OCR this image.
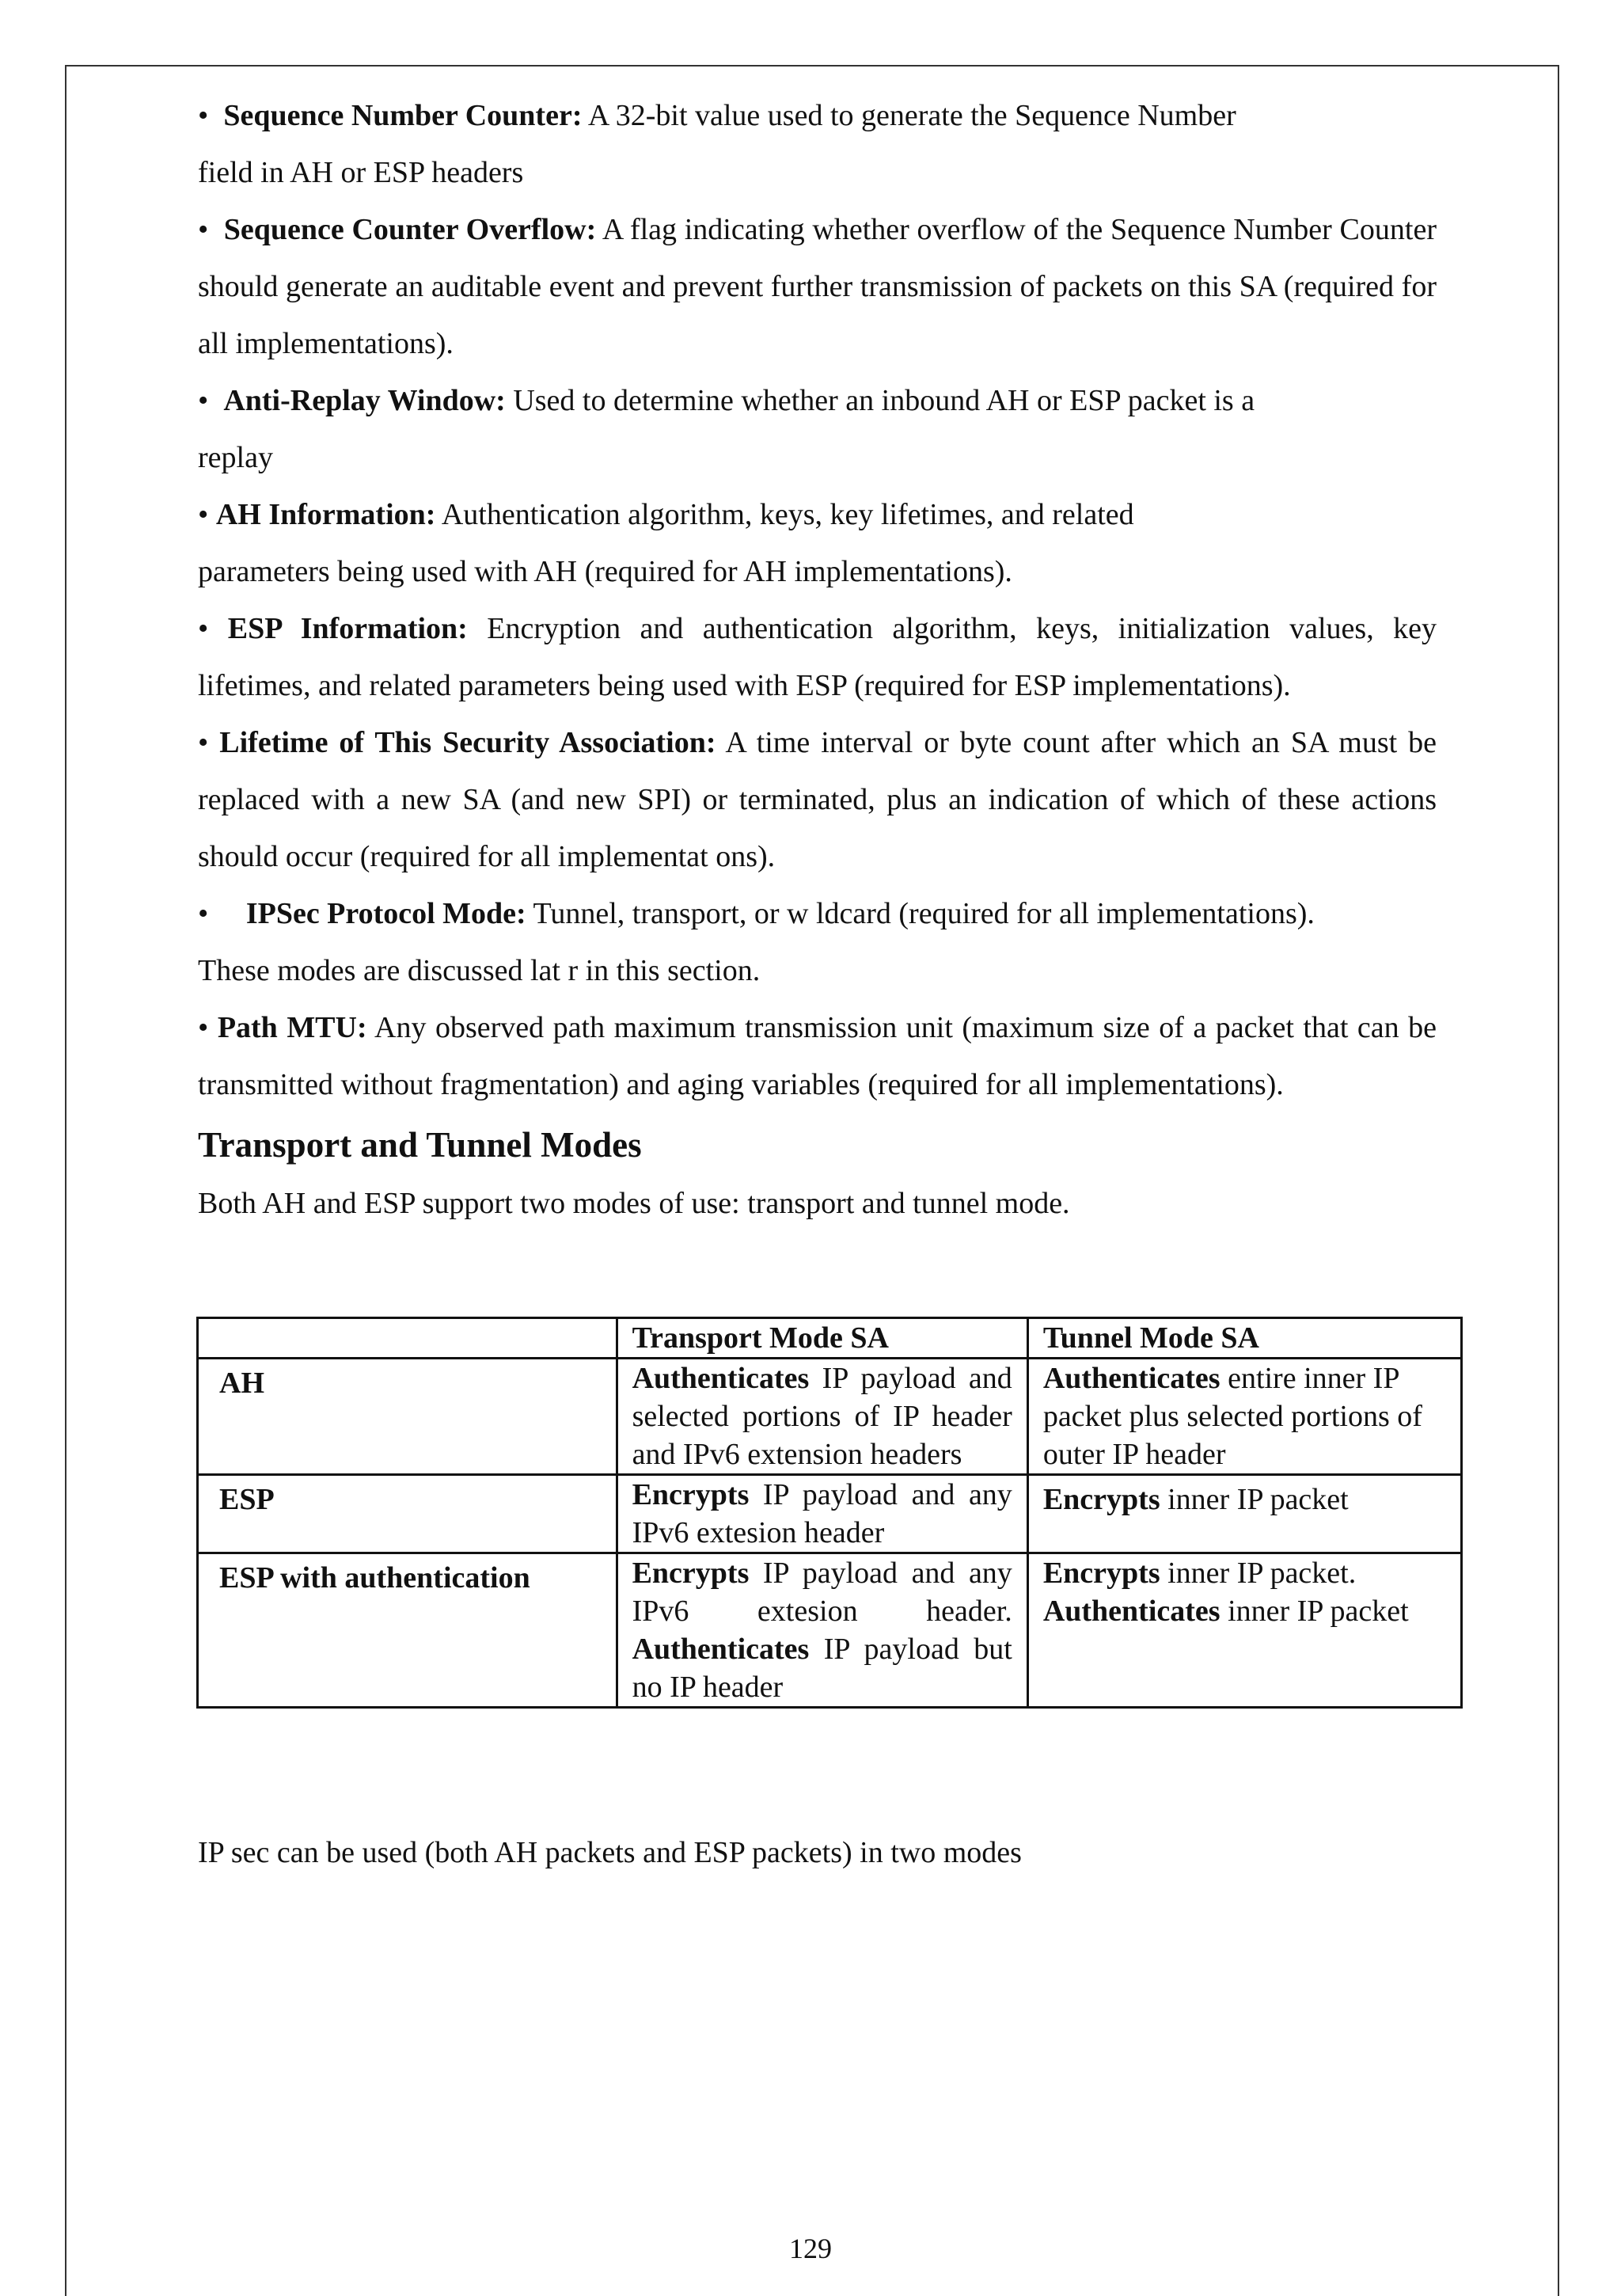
•  Sequence Number Counter: A 32-bit value used to generate the Sequence Number
field in AH or ESP headers

•  Sequence Counter Overflow: A flag indicating whether overflow of the Sequence Number Counter should generate an auditable event and prevent further transmission of packets on this SA (required for all implementations).

•  Anti-Replay Window: Used to determine whether an inbound AH or ESP packet is a
replay

• AH Information: Authentication algorithm, keys, key lifetimes, and related
parameters being used with AH (required for AH implementations).

• ESP Information: Encryption and authentication algorithm, keys, initialization values, key lifetimes, and related parameters being used with ESP (required for ESP implementations).

• Lifetime of This Security Association: A time interval or byte count after which an SA must be replaced with a new SA (and new SPI) or terminated, plus an indication of which of these actions should occur (required for all implementat ons).

•     IPSec Protocol Mode: Tunnel, transport, or w ldcard (required for all implementations).
These modes are discussed lat r in this section.

• Path MTU: Any observed path maximum transmission unit (maximum size of a packet that can be transmitted without fragmentation) and aging variables (required for all implementations).

Transport and Tunnel Modes

Both AH and ESP support two modes of use: transport and tunnel mode.

	Transport Mode SA	Tunnel Mode SA
AH	Authenticates IP payload and selected portions of IP header and IPv6 extension headers	Authenticates entire inner IP packet plus selected portions of outer IP header
ESP	Encrypts IP payload and any IPv6 extesion header	Encrypts inner IP packet
ESP with authentication	Encrypts IP payload and any IPv6 extesion header. Authenticates IP payload but no IP header	Encrypts inner IP packet.
Authenticates inner IP packet

IP sec can be used (both AH packets and ESP packets) in two modes

129
